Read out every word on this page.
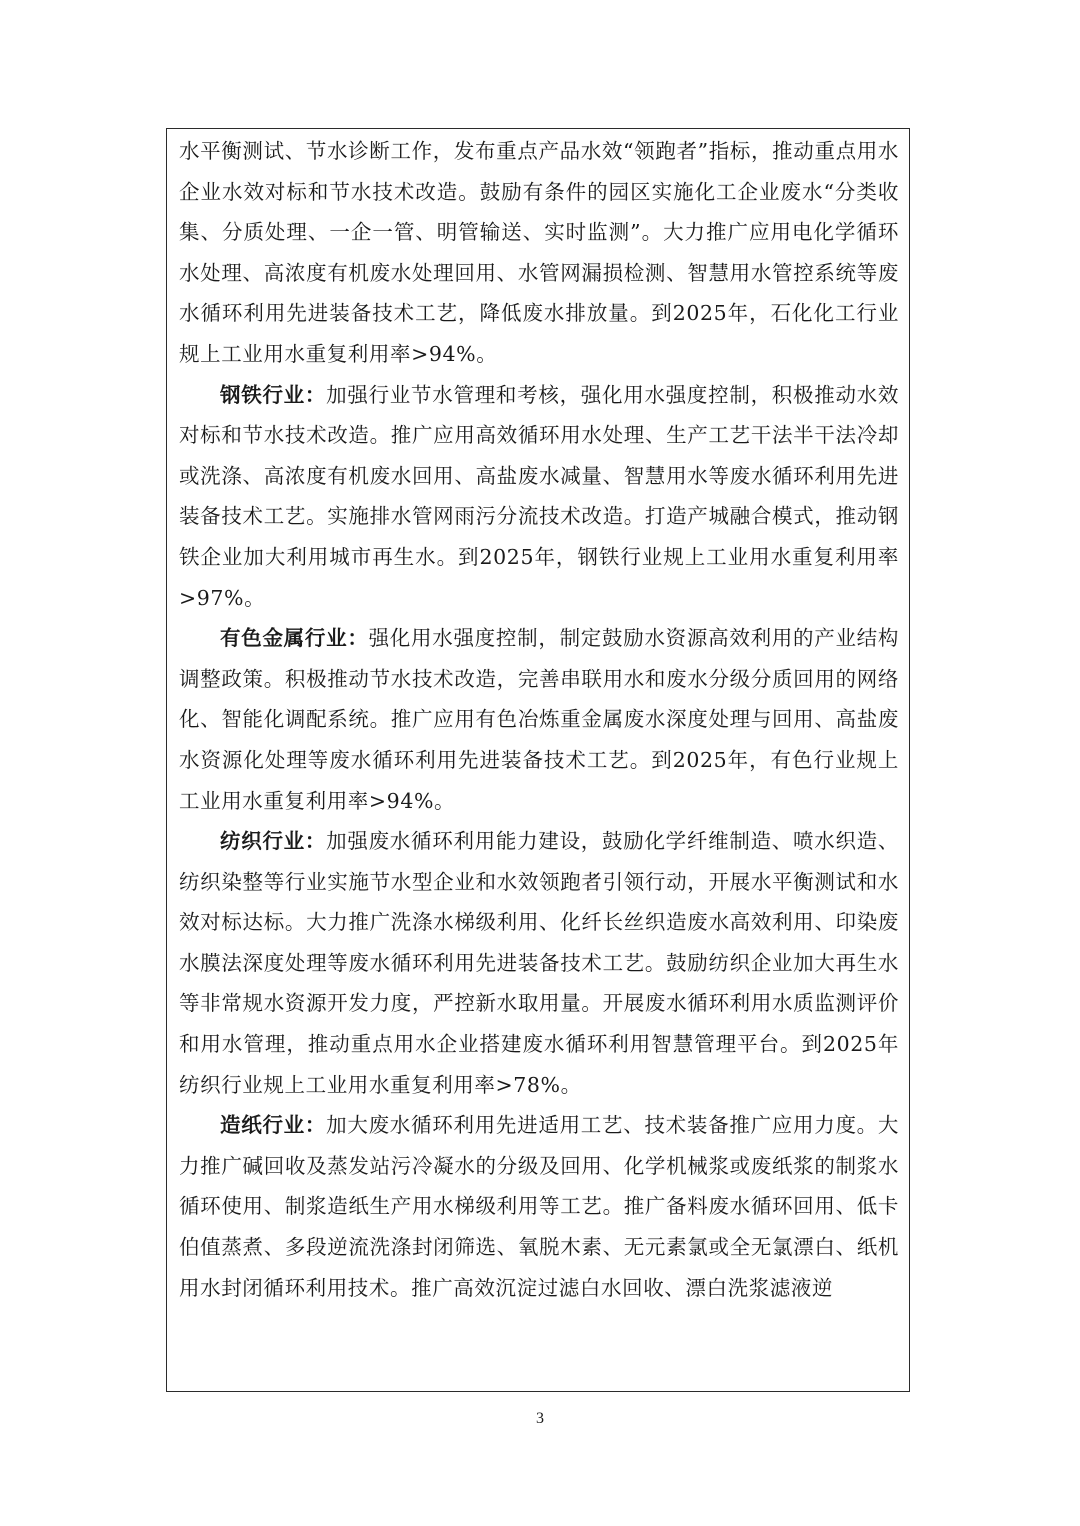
水平衡测试、节水诊断工作，发布重点产品水效“领跑者”指标，推动重点用水企业水效对标和节水技术改造。鼓励有条件的园区实施化工企业废水“分类收集、分质处理、一企一管、明管输送、实时监测”。大力推广应用电化学循环水处理、高浓度有机废水处理回用、水管网漏损检测、智慧用水管控系统等废水循环利用先进装备技术工艺，降低废水排放量。到2025年，石化化工行业规上工业用水重复利用率>94%。

钢铁行业：加强行业节水管理和考核，强化用水强度控制，积极推动水效对标和节水技术改造。推广应用高效循环用水处理、生产工艺干法半干法冷却或洗涤、高浓度有机废水回用、高盐废水减量、智慧用水等废水循环利用先进装备技术工艺。实施排水管网雨污分流技术改造。打造产城融合模式，推动钢铁企业加大利用城市再生水。到2025年，钢铁行业规上工业用水重复利用率>97%。

有色金属行业：强化用水强度控制，制定鼓励水资源高效利用的产业结构调整政策。积极推动节水技术改造，完善串联用水和废水分级分质回用的网络化、智能化调配系统。推广应用有色冶炼重金属废水深度处理与回用、高盐废水资源化处理等废水循环利用先进装备技术工艺。到2025年，有色行业规上工业用水重复利用率>94%。

纺织行业：加强废水循环利用能力建设，鼓励化学纤维制造、喷水织造、纺织染整等行业实施节水型企业和水效领跑者引领行动，开展水平衡测试和水效对标达标。大力推广洗涤水梯级利用、化纤长丝织造废水高效利用、印染废水膜法深度处理等废水循环利用先进装备技术工艺。鼓励纺织企业加大再生水等非常规水资源开发力度，严控新水取用量。开展废水循环利用水质监测评价和用水管理，推动重点用水企业搭建废水循环利用智慧管理平台。到2025年纺织行业规上工业用水重复利用率>78%。

造纸行业：加大废水循环利用先进适用工艺、技术装备推广应用力度。大力推广碱回收及蒸发站污冷凝水的分级及回用、化学机械浆或废纸浆的制浆水循环使用、制浆造纸生产用水梯级利用等工艺。推广备料废水循环回用、低卡伯值蒸煮、多段逆流洗涤封闭筛选、氧脱木素、无元素氯或全无氯漂白、纸机用水封闭循环利用技术。推广高效沉淀过滤白水回收、漂白洗浆滤液逆

3
